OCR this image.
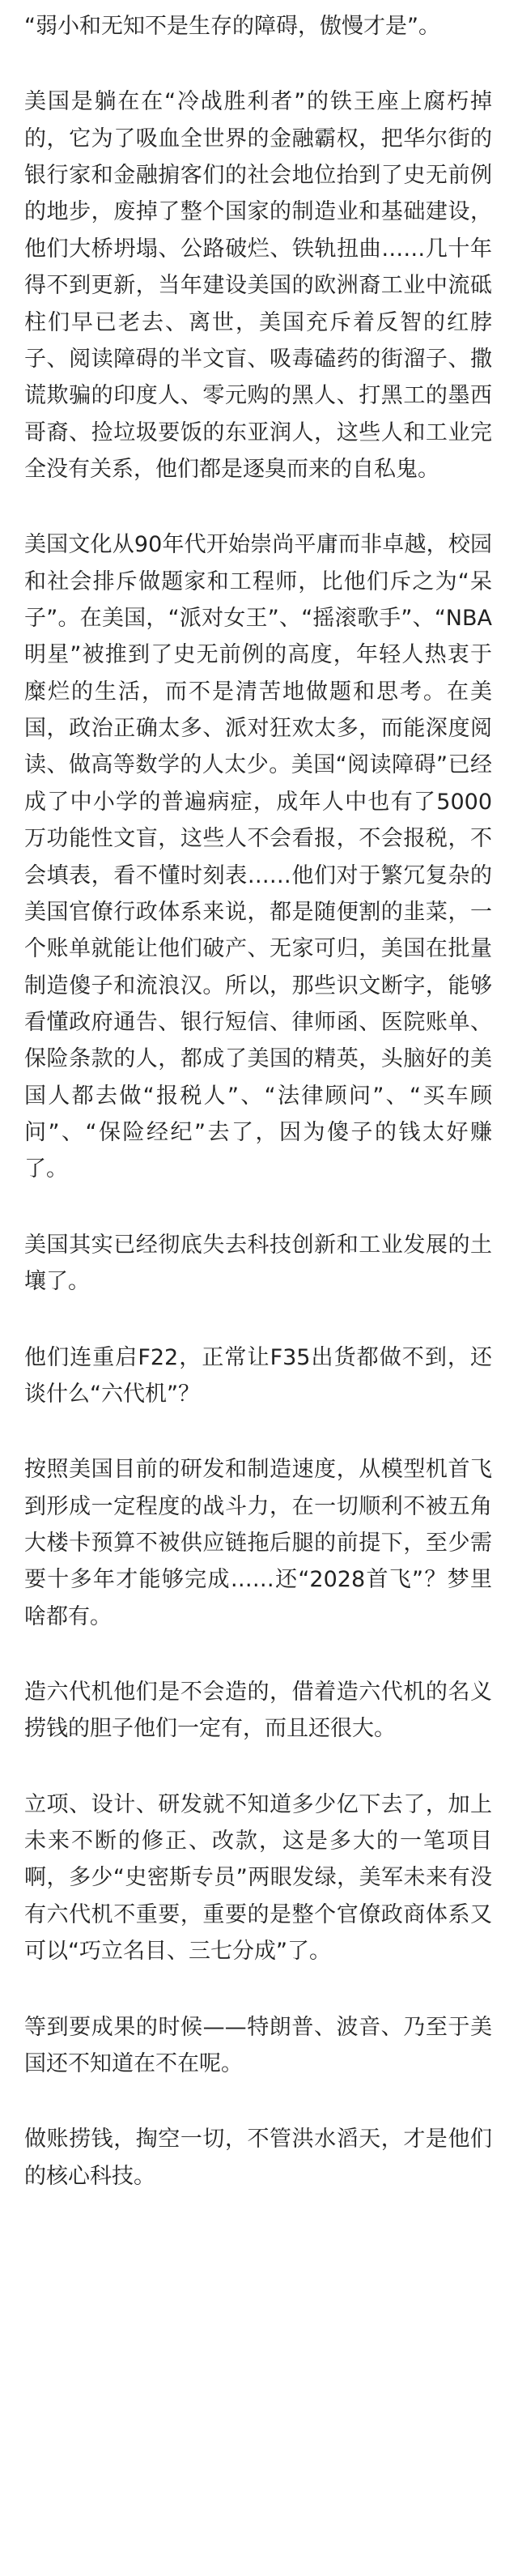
“弱小和无知不是生存的障碍，傲慢才是”。

美国是躺在在“冷战胜利者”的铁王座上腐朽掉的，它为了吸血全世界的金融霸权，把华尔街的银行家和金融掮客们的社会地位抬到了史无前例的地步，废掉了整个国家的制造业和基础建设，他们大桥坍塌、公路破烂、铁轨扭曲……几十年得不到更新，当年建设美国的欧洲裔工业中流砥柱们早已老去、离世，美国充斥着反智的红脖子、阅读障碍的半文盲、吸毒磕药的街溜子、撒谎欺骗的印度人、零元购的黑人、打黑工的墨西哥裔、捡垃圾要饭的东亚润人，这些人和工业完全没有关系，他们都是逐臭而来的自私鬼。

美国文化从90年代开始崇尚平庸而非卓越，校园和社会排斥做题家和工程师，比他们斥之为“呆子”。在美国，“派对女王”、“摇滚歌手”、“NBA明星”被推到了史无前例的高度，年轻人热衷于糜烂的生活，而不是清苦地做题和思考。在美国，政治正确太多、派对狂欢太多，而能深度阅读、做高等数学的人太少。美国“阅读障碍”已经成了中小学的普遍病症，成年人中也有了5000万功能性文盲，这些人不会看报，不会报税，不会填表，看不懂时刻表……他们对于繁冗复杂的美国官僚行政体系来说，都是随便割的韭菜，一个账单就能让他们破产、无家可归，美国在批量制造傻子和流浪汉。所以，那些识文断字，能够看懂政府通告、银行短信、律师函、医院账单、保险条款的人，都成了美国的精英，头脑好的美国人都去做“报税人”、“法律顾问”、“买车顾问”、“保险经纪”去了，因为傻子的钱太好赚了。

美国其实已经彻底失去科技创新和工业发展的土壤了。

他们连重启F22，正常让F35出货都做不到，还谈什么“六代机”？

按照美国目前的研发和制造速度，从模型机首飞到形成一定程度的战斗力，在一切顺利不被五角大楼卡预算不被供应链拖后腿的前提下，至少需要十多年才能够完成……还“2028首飞”？梦里啥都有。

造六代机他们是不会造的，借着造六代机的名义捞钱的胆子他们一定有，而且还很大。

立项、设计、研发就不知道多少亿下去了，加上未来不断的修正、改款，这是多大的一笔项目啊，多少“史密斯专员”两眼发绿，美军未来有没有六代机不重要，重要的是整个官僚政商体系又可以“巧立名目、三七分成”了。

等到要成果的时候——特朗普、波音、乃至于美国还不知道在不在呢。

做账捞钱，掏空一切，不管洪水滔天，才是他们的核心科技。
